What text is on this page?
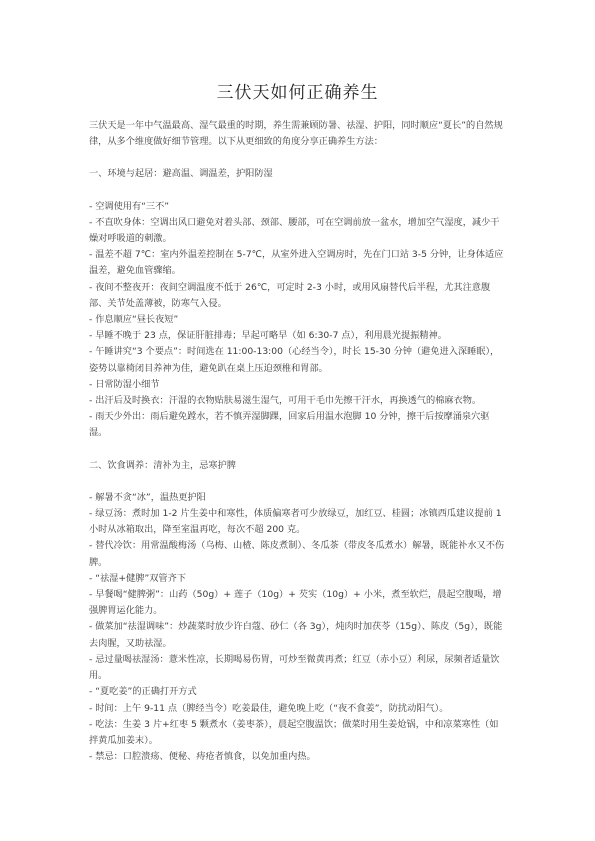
三伏天如何正确养生

三伏天是一年中气温最高、湿气最重的时期，养生需兼顾防暑、祛湿、护阳，同时顺应“夏长”的自然规律，从多个维度做好细节管理。以下从更细致的角度分享正确养生方法：

一、环境与起居：避高温、调温差，护阳防湿

- 空调使用有“三不”

- 不直吹身体：空调出风口避免对着头部、颈部、腰部，可在空调前放一盆水，增加空气湿度，减少干燥对呼吸道的刺激。

- 温差不超 7℃：室内外温差控制在 5-7℃，从室外进入空调房时，先在门口站 3-5 分钟，让身体适应温差，避免血管骤缩。

- 夜间不整夜开：夜间空调温度不低于 26℃，可定时 2-3 小时，或用风扇替代后半程，尤其注意腹部、关节处盖薄被，防寒气入侵。

- 作息顺应“昼长夜短”

- 早睡不晚于 23 点，保证肝脏排毒；早起可略早（如 6:30-7 点），利用晨光提振精神。

- 午睡讲究“3 个要点”：时间选在 11:00-13:00（心经当令），时长 15-30 分钟（避免进入深睡眠），姿势以靠椅闭目养神为佳，避免趴在桌上压迫颈椎和胃部。

- 日常防湿小细节

- 出汗后及时换衣：汗湿的衣物贴肤易滋生湿气，可用干毛巾先擦干汗水，再换透气的棉麻衣物。

- 雨天少外出：雨后避免蹚水，若不慎弄湿脚踝，回家后用温水泡脚 10 分钟，擦干后按摩涌泉穴驱湿。

二、饮食调养：清补为主，忌寒护脾

- 解暑不贪“冰”，温热更护阳

- 绿豆汤：煮时加 1-2 片生姜中和寒性，体质偏寒者可少放绿豆，加红豆、桂圆；冰镇西瓜建议提前 1 小时从冰箱取出，降至室温再吃，每次不超 200 克。

- 替代冷饮：用常温酸梅汤（乌梅、山楂、陈皮煮制）、冬瓜茶（带皮冬瓜煮水）解暑，既能补水又不伤脾。

- “祛湿+健脾”双管齐下

- 早餐喝“健脾粥”：山药（50g）+ 莲子（10g）+ 芡实（10g）+ 小米，煮至软烂，晨起空腹喝，增强脾胃运化能力。

- 做菜加“祛湿调味”：炒蔬菜时放少许白蔻、砂仁（各 3g），炖肉时加茯苓（15g）、陈皮（5g），既能去肉腥，又助祛湿。

- 忌过量喝祛湿汤：薏米性凉，长期喝易伤胃，可炒至微黄再煮；红豆（赤小豆）利尿，尿频者适量饮用。

- “夏吃姜”的正确打开方式

- 时间：上午 9-11 点（脾经当令）吃姜最佳，避免晚上吃（“夜不食姜”，防扰动阳气）。

- 吃法：生姜 3 片+红枣 5 颗煮水（姜枣茶），晨起空腹温饮；做菜时用生姜炝锅，中和凉菜寒性（如拌黄瓜加姜末）。

- 禁忌：口腔溃疡、便秘、痔疮者慎食，以免加重内热。
